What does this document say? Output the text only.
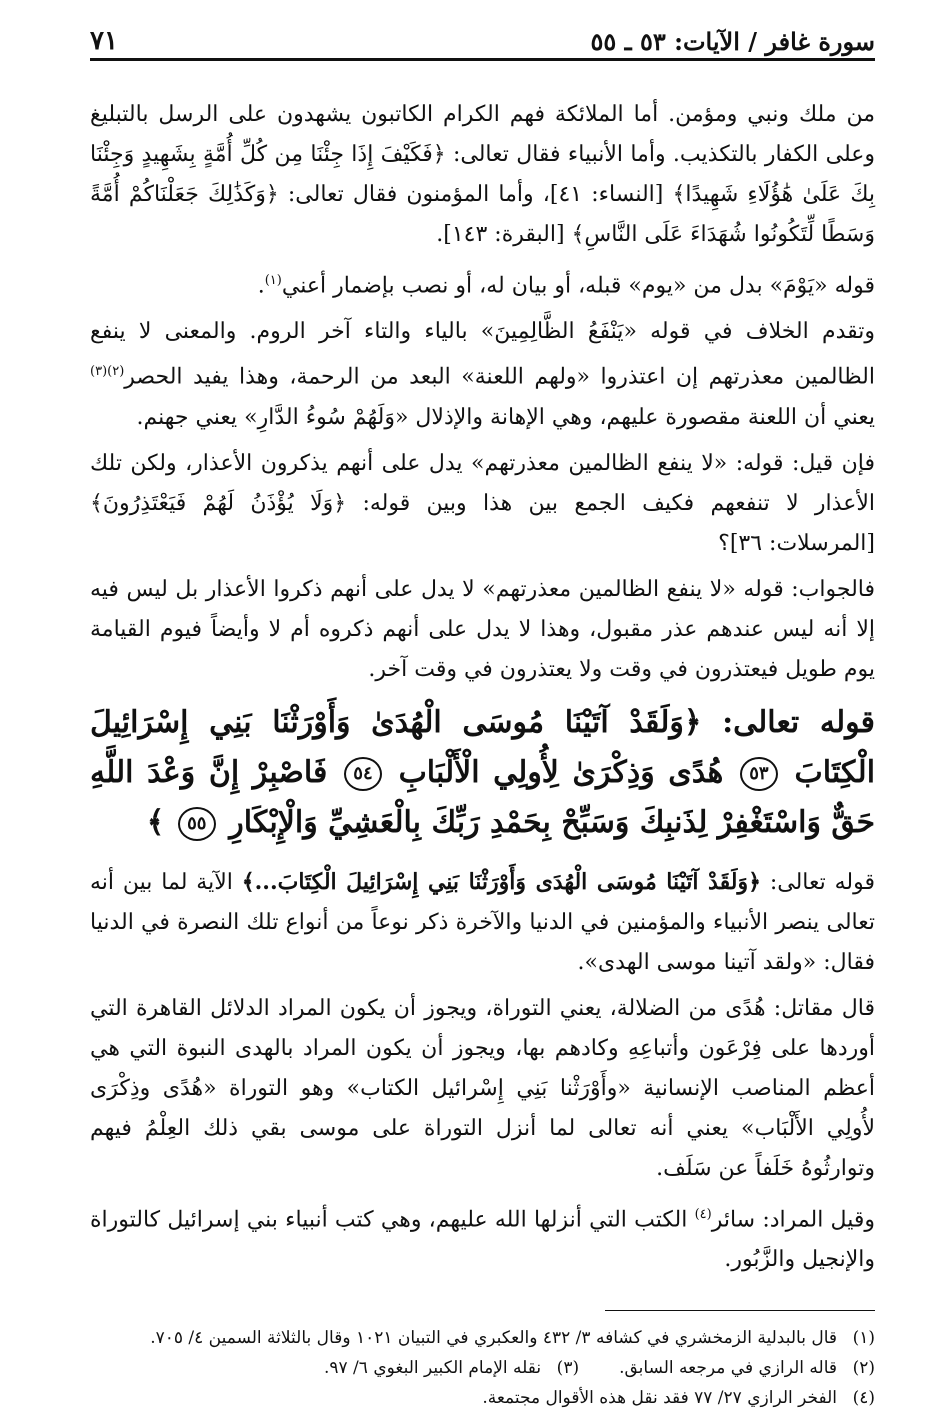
سورة غافر / الآيات: ٥٣ ـ ٥٥
٧١

من ملك ونبي ومؤمن. أما الملائكة فهم الكرام الكاتبون يشهدون على الرسل بالتبليغ وعلى الكفار بالتكذيب. وأما الأنبياء فقال تعالى: ﴿فَكَيْفَ إِذَا جِئْنَا مِن كُلِّ أُمَّةٍ بِشَهِيدٍ وَجِئْنَا بِكَ عَلَىٰ هَٰؤُلَاءِ شَهِيدًا﴾ [النساء: ٤١]، وأما المؤمنون فقال تعالى: ﴿وَكَذَٰلِكَ جَعَلْنَاكُمْ أُمَّةً وَسَطًا لِّتَكُونُوا شُهَدَاءَ عَلَى النَّاسِ﴾ [البقرة: ١٤٣].

قوله «يَوْمَ» بدل من «يوم» قبله، أو بيان له، أو نصب بإضمار أعني$^{(١)}$.

وتقدم الخلاف في قوله «يَنْفَعُ الظَّالِمِينَ» بالياء والتاء آخر الروم. والمعنى لا ينفع الظالمين معذرتهم إن اعتذروا «ولهم اللعنة» البعد من الرحمة، وهذا يفيد الحصر$^{(٢)(٣)}$ يعني أن اللعنة مقصورة عليهم، وهي الإهانة والإذلال «وَلَهُمْ سُوءُ الدَّارِ» يعني جهنم.

فإن قيل: قوله: «لا ينفع الظالمين معذرتهم» يدل على أنهم يذكرون الأعذار، ولكن تلك الأعذار لا تنفعهم فكيف الجمع بين هذا وبين قوله: ﴿وَلَا يُؤْذَنُ لَهُمْ فَيَعْتَذِرُونَ﴾ [المرسلات: ٣٦]؟

فالجواب: قوله «لا ينفع الظالمين معذرتهم» لا يدل على أنهم ذكروا الأعذار بل ليس فيه إلا أنه ليس عندهم عذر مقبول، وهذا لا يدل على أنهم ذكروه أم لا وأيضاً فيوم القيامة يوم طويل فيعتذرون في وقت ولا يعتذرون في وقت آخر.

قوله تعالى: ﴿وَلَقَدْ آتَيْنَا مُوسَى الْهُدَىٰ وَأَوْرَثْنَا بَنِي إِسْرَائِيلَ الْكِتَابَ ٥٣ هُدًى وَذِكْرَىٰ لِأُولِي الْأَلْبَابِ ٥٤ فَاصْبِرْ إِنَّ وَعْدَ اللَّهِ حَقٌّ وَاسْتَغْفِرْ لِذَنبِكَ وَسَبِّحْ بِحَمْدِ رَبِّكَ بِالْعَشِيِّ وَالْإِبْكَارِ ٥٥ ﴾

قوله تعالى: ﴿وَلَقَدْ آتَيْنَا مُوسَى الْهُدَى وَأَوْرَثْنَا بَنِي إِسْرَائِيلَ الْكِتَابَ...﴾ الآية لما بين أنه تعالى ينصر الأنبياء والمؤمنين في الدنيا والآخرة ذكر نوعاً من أنواع تلك النصرة في الدنيا فقال: «ولقد آتينا موسى الهدى».

قال مقاتل: هُدًى من الضلالة، يعني التوراة، ويجوز أن يكون المراد الدلائل القاهرة التي أوردها على فِرْعَون وأتباعِهِ وكادهم بها، ويجوز أن يكون المراد بالهدى النبوة التي هي أعظم المناصب الإنسانية «وأَوْرَثْنا بَنِي إِسْرائيل الكتاب» وهو التوراة «هُدًى وذِكْرَى لأُولِي الأَلْبَاب» يعني أنه تعالى لما أنزل التوراة على موسى بقي ذلك العِلْمُ فيهم وتوارثُوهُ خَلَفاً عن سَلَف.

وقيل المراد: سائر$^{(٤)}$ الكتب التي أنزلها الله عليهم، وهي كتب أنبياء بني إسرائيل كالتوراة والإنجيل والزَّبُور.

(١)قال بالبدلية الزمخشري في كشافه ٣/ ٤٣٢ والعكبري في التبيان ١٠٢١ وقال بالثلاثة السمين ٤/ ٧٠٥.

(٢)قاله الرازي في مرجعه السابق.(٣)نقله الإمام الكبير البغوي ٦/ ٩٧.

(٤)الفخر الرازي ٢٧/ ٧٧ فقد نقل هذه الأقوال مجتمعة.
